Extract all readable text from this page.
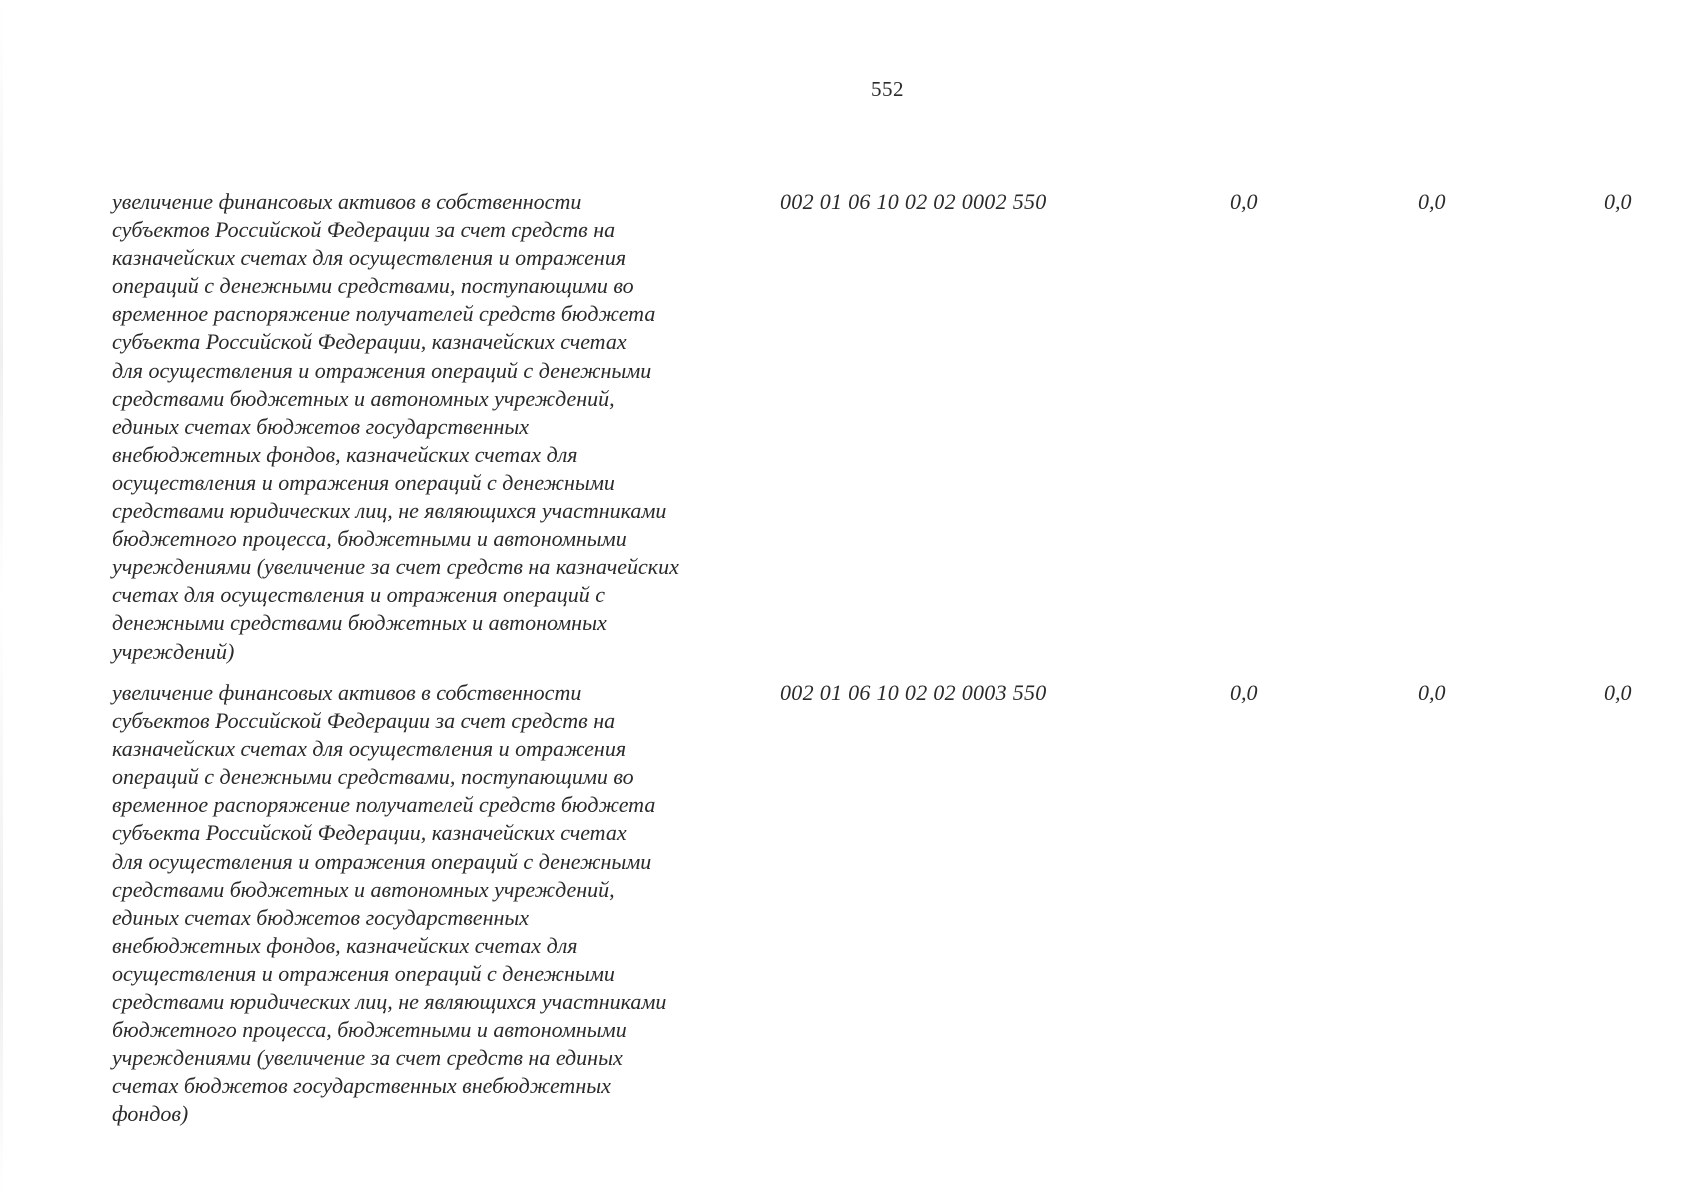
552
увеличение финансовых активов в собственности
субъектов Российской Федерации за счет средств на
казначейских счетах для осуществления и отражения
операций с денежными средствами, поступающими во
временное распоряжение получателей средств бюджета
субъекта Российской Федерации, казначейских счетах
для осуществления и отражения операций с денежными
средствами бюджетных и автономных учреждений,
единых счетах бюджетов государственных
внебюджетных фондов, казначейских счетах для
осуществления и отражения операций с денежными
средствами юридических лиц, не являющихся участниками
бюджетного процесса, бюджетными и автономными
учреждениями (увеличение за счет средств на казначейских
счетах для осуществления и отражения операций с
денежными средствами бюджетных и автономных
учреждений)
002 01 06 10 02 02 0002 550	0,0	0,0	0,0
увеличение финансовых активов в собственности
субъектов Российской Федерации за счет средств на
казначейских счетах для осуществления и отражения
операций с денежными средствами, поступающими во
временное распоряжение получателей средств бюджета
субъекта Российской Федерации, казначейских счетах
для осуществления и отражения операций с денежными
средствами бюджетных и автономных учреждений,
единых счетах бюджетов государственных
внебюджетных фондов, казначейских счетах для
осуществления и отражения операций с денежными
средствами юридических лиц, не являющихся участниками
бюджетного процесса, бюджетными и автономными
учреждениями (увеличение за счет средств на единых
счетах бюджетов государственных внебюджетных
фондов)
002 01 06 10 02 02 0003 550	0,0	0,0	0,0
